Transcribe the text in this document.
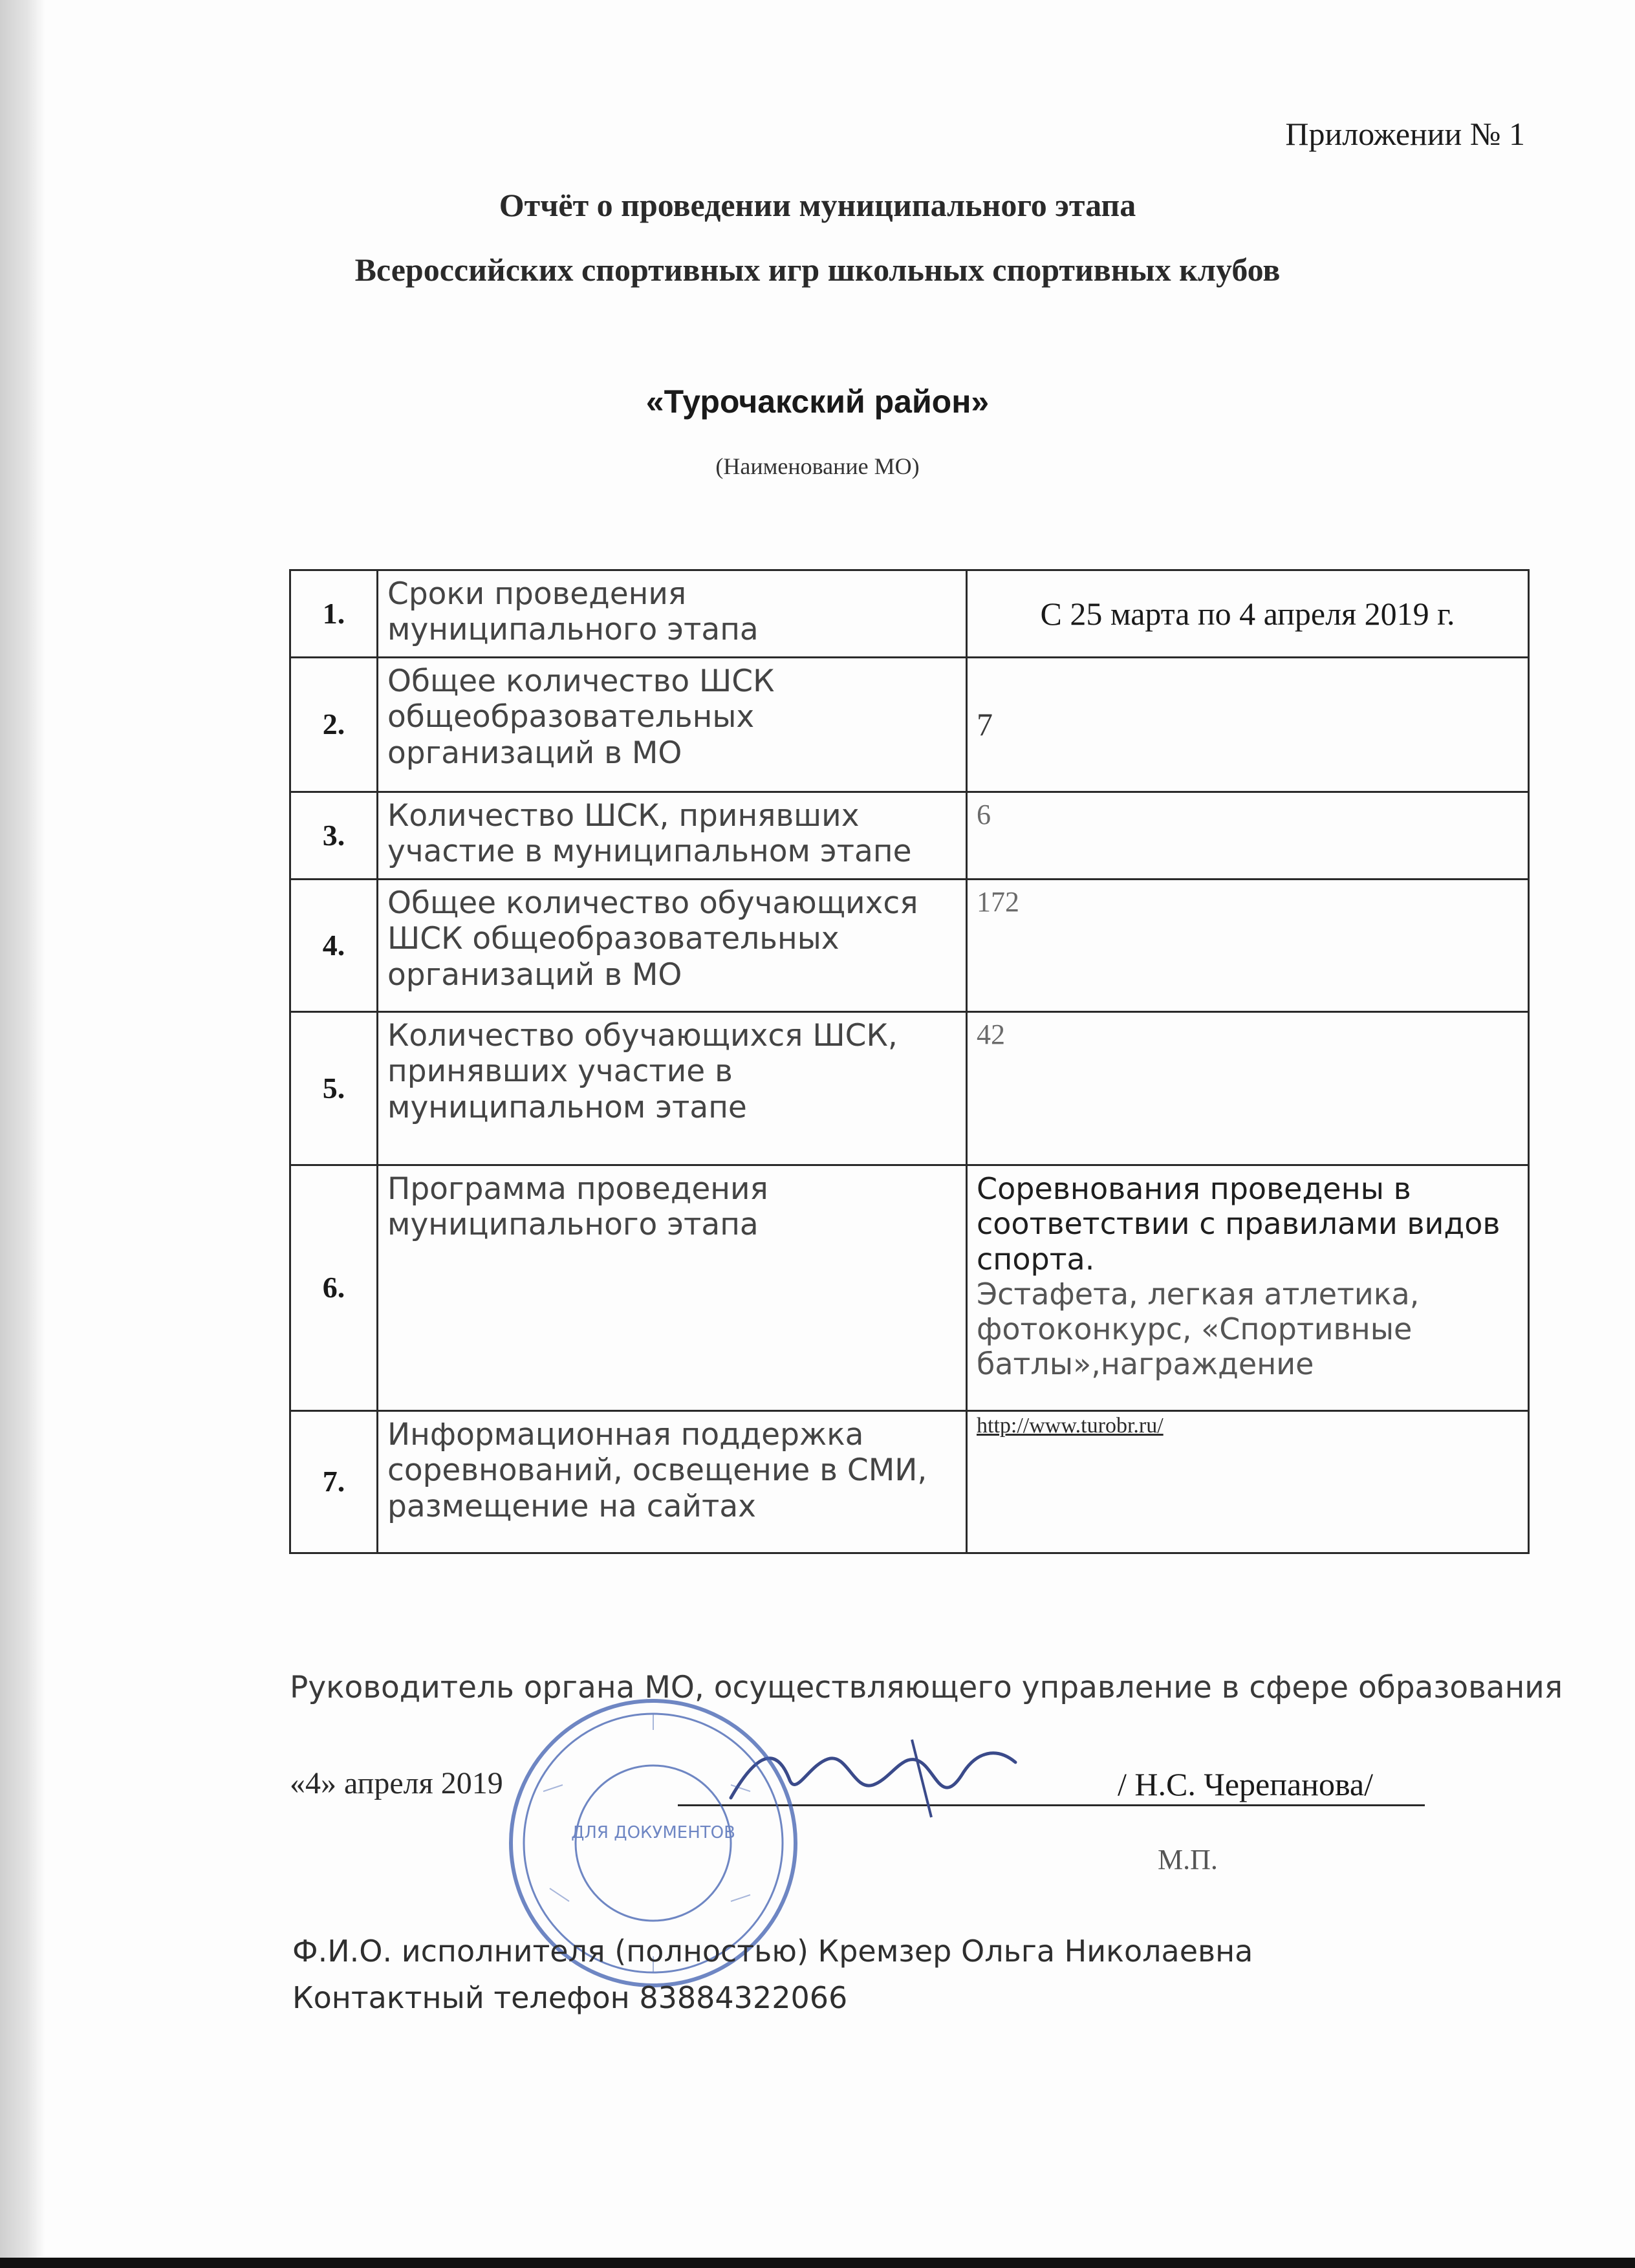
Приложении № 1
Отчёт о проведении муниципального этапа
Всероссийских спортивных игр школьных спортивных клубов
«Турочакский район»
(Наименование МО)
1.	Сроки проведения муниципального этапа	С 25 марта по 4 апреля 2019 г.
2.	Общее количество ШСК общеобразовательных организаций в МО	7
3.	Количество ШСК, принявших участие в муниципальном этапе	6
4.	Общее количество обучающихся ШСК общеобразовательных организаций в МО	172
5.	Количество обучающихся ШСК, принявших участие в муниципальном этапе	42
6.	Программа проведения муниципального этапа	Соревнования проведены в соответствии с правилами видов спорта.
Эстафета, легкая атлетика, фотоконкурс, «Спортивные батлы»,награждение

7.	Информационная поддержка соревнований, освещение в СМИ, размещение на сайтах	http://www.turobr.ru/
Руководитель органа МО, осуществляющего управление в сфере образования
«4» апреля 2019	/ Н.С. Черепанова/
М.П.
ДЛЯ ДОКУМЕНТОВ
Ф.И.О. исполнителя (полностью) Кремзер Ольга Николаевна
Контактный телефон 83884322066
